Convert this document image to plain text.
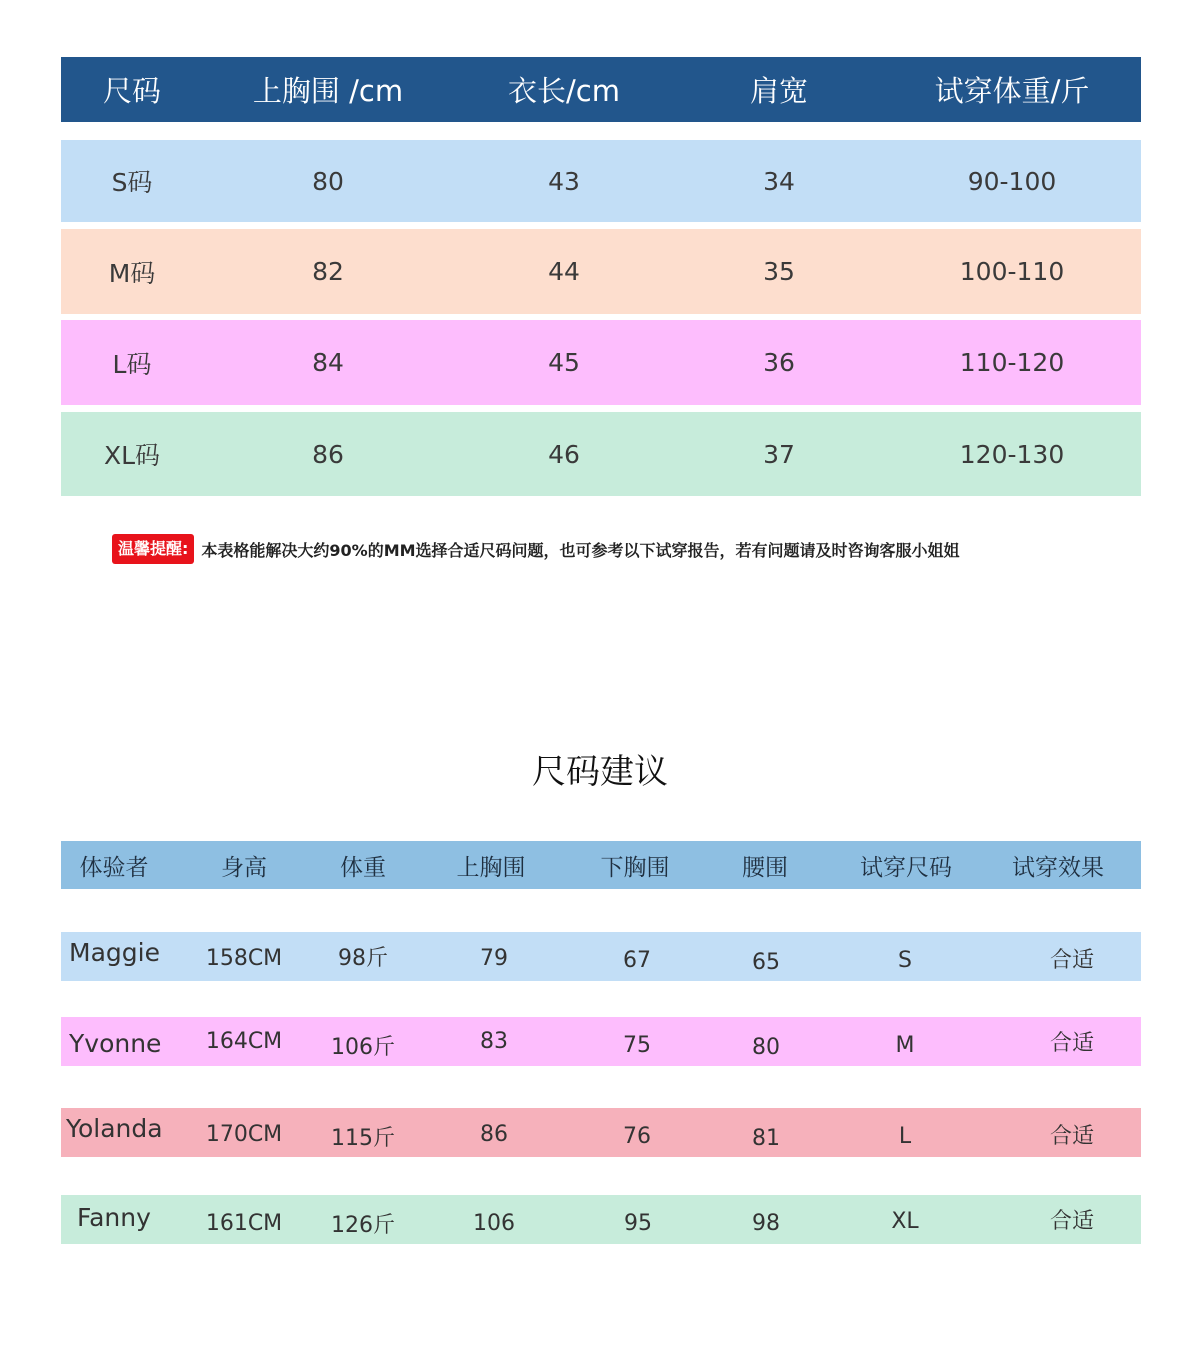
尺码	上胸围 /cm	衣长/cm	肩宽	试穿体重/斤
S码	80	43	34	90-100
M码	82	44	35	100-110
L码	84	45	36	110-120
XL码	86	46	37	120-130
温馨提醒: 本表格能解决大约90%的MM选择合适尺码问题，也可参考以下试穿报告，若有问题请及时咨询客服小姐姐
尺码建议
体验者	身高	体重	上胸围	下胸围	腰围	试穿尺码	试穿效果
Maggie	158CM	98斤	79	67	65	S	合适
Yvonne	164CM	106斤	83	75	80	M	合适
Yolanda	170CM	115斤	86	76	81	L	合适
Fanny	161CM	126斤	106	95	98	XL	合适
